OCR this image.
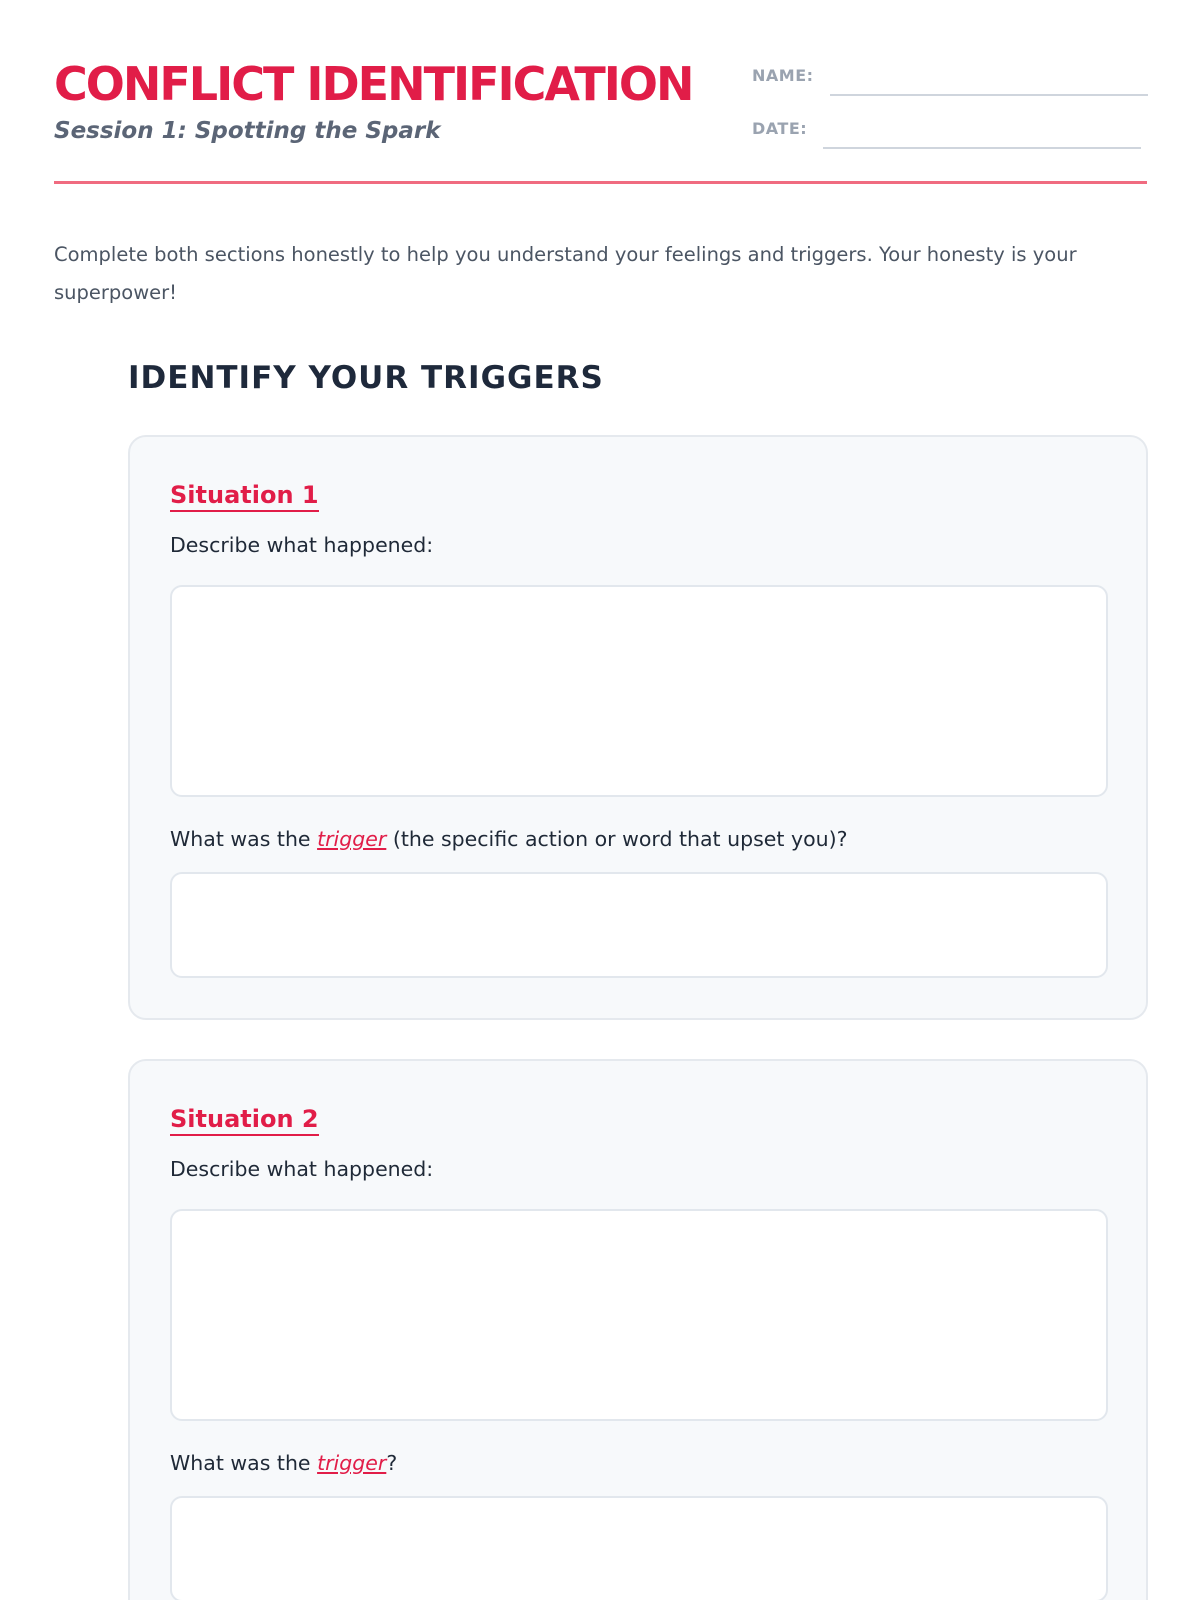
CONFLICT IDENTIFICATION
Session 1: Spotting the Spark
NAME:
DATE:

Complete both sections honestly to help you understand your feelings and triggers. Your honesty is your superpower!

IDENTIFY YOUR TRIGGERS
Situation 1
Describe what happened:
What was the trigger (the specific action or word that upset you)?
Situation 2
Describe what happened:
What was the trigger?
